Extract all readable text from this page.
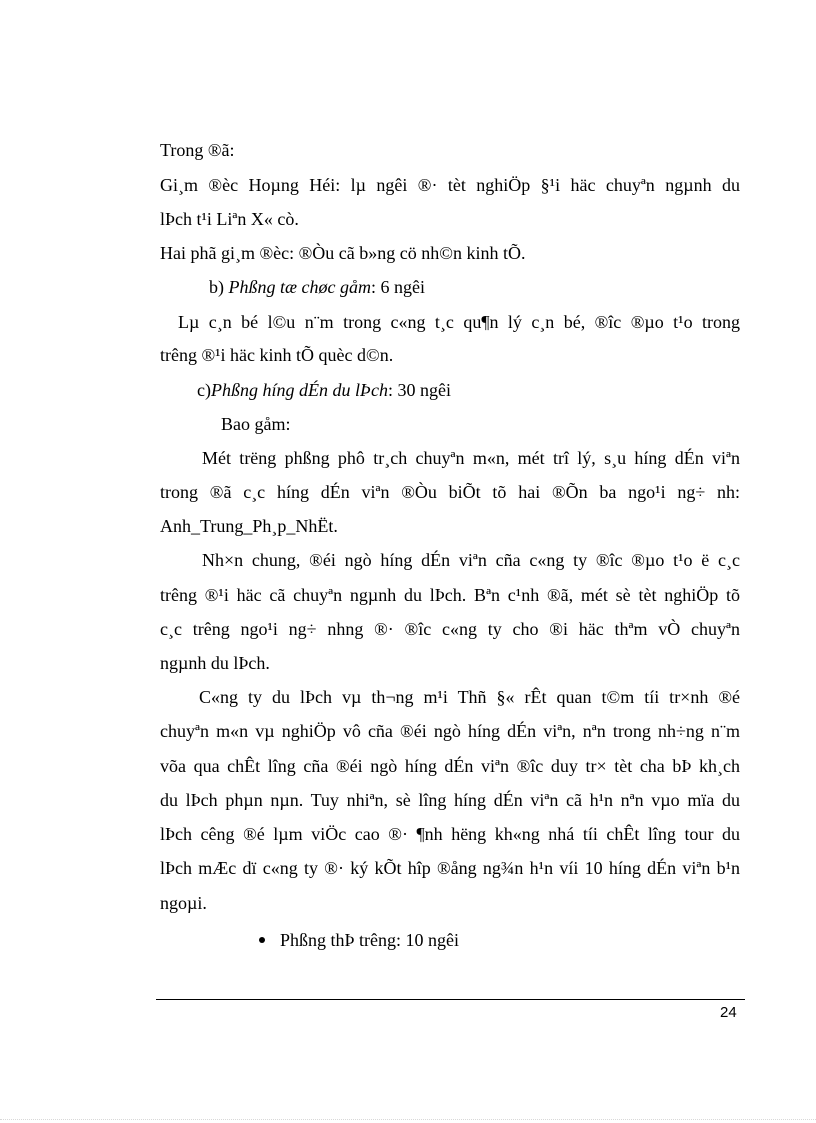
Trong ®ã:
Gi¸m ®èc Hoµng Héi: lµ ngêi ®· tèt nghiÖp §¹i häc chuyªn ngµnh du
lÞch t¹i Liªn X« cò.
Hai phã gi¸m ®èc: ®Òu cã b»ng cö nh©n kinh tÕ.
b) Phßng tæ chøc gåm: 6 ngêi
Lµ c¸n bé l©u n¨m trong c«ng t¸c qu¶n lý c¸n bé, ®îc ®µo t¹o trong
trêng ®¹i häc kinh tÕ quèc d©n.
c)Phßng híng dÉn du lÞch: 30 ngêi
Bao gåm:
Mét trëng phßng phô tr¸ch chuyªn m«n, mét trî lý, s¸u híng dÉn viªn
trong ®ã c¸c híng dÉn viªn ®Òu biÕt tõ hai ®Õn ba ngo¹i ng÷ nh:
Anh_Trung_Ph¸p_NhËt.
Nh×n chung, ®éi ngò híng dÉn viªn cña c«ng ty ®îc ®µo t¹o ë c¸c
trêng ®¹i häc cã chuyªn ngµnh du lÞch. Bªn c¹nh ®ã, mét sè tèt nghiÖp tõ
c¸c trêng ngo¹i ng÷ nhng ®· ®îc c«ng ty cho ®i häc thªm vÒ chuyªn
ngµnh du lÞch.
C«ng ty du lÞch vµ th¬ng m¹i Thñ §« rÊt quan t©m tíi tr×nh ®é
chuyªn m«n vµ nghiÖp vô cña ®éi ngò híng dÉn viªn, nªn trong nh÷ng n¨m
võa qua chÊt lîng cña ®éi ngò híng dÉn viªn ®îc duy tr× tèt cha bÞ kh¸ch
du lÞch phµn nµn. Tuy nhiªn, sè lîng híng dÉn viªn cã h¹n nªn vµo mïa du
lÞch cêng ®é lµm viÖc cao ®· ¶nh hëng kh«ng nhá tíi chÊt lîng tour du
lÞch mÆc dï c«ng ty ®· ký kÕt hîp ®ång ng¾n h¹n víi 10 híng dÉn viªn b¹n
ngoµi.
Phßng thÞ trêng: 10 ngêi
24
